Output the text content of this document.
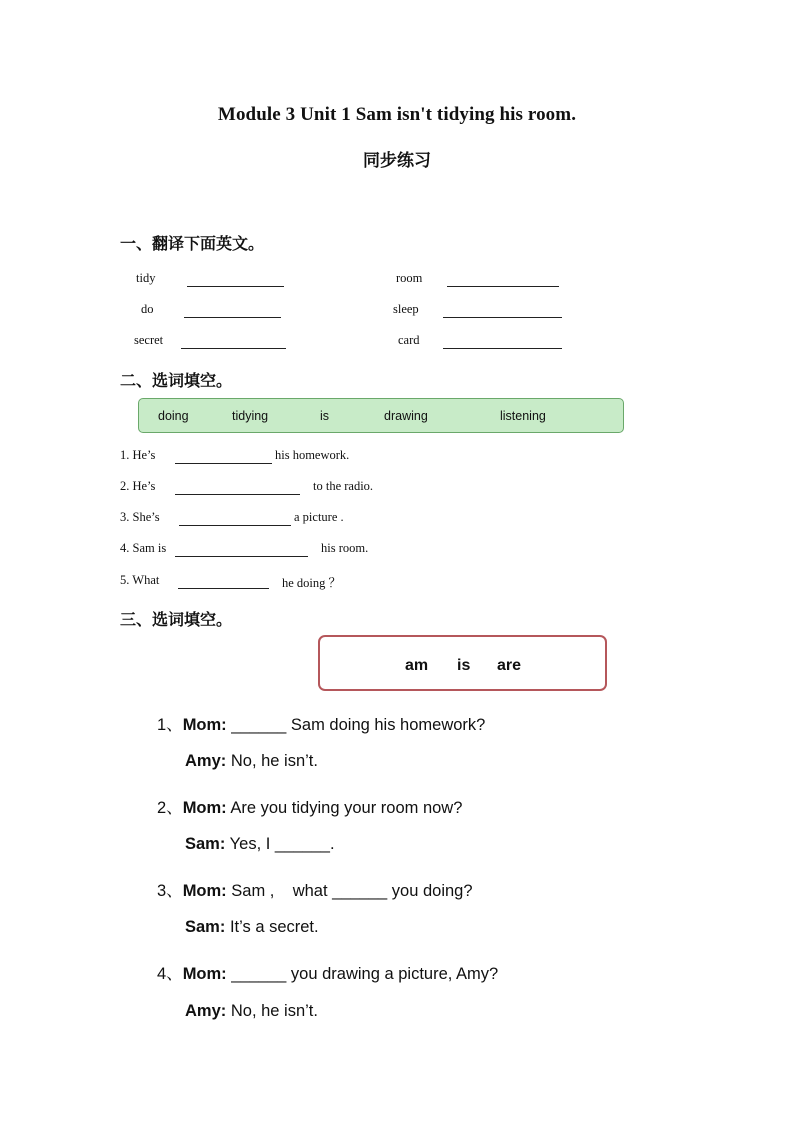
Module 3 Unit 1 Sam isn't tidying his room.
同步练习
一、翻译下面英文。
tidy	room
do	sleep
secret	card
二、选词填空。
doing	tidying	is	drawing	listening
1. He’s	his homework.
2. He’s	to the radio.
3. She’s	a picture .
4. Sam is	his room.
5. What	he doing ？
三、选词填空。
am is are
1、Mom: ______ Sam doing his homework?
Amy: No, he isn’t.
2、Mom: Are you tidying your room now?
Sam: Yes, I ______.
3、Mom: Sam ,    what ______ you doing?
Sam: It’s a secret.
4、Mom: ______ you drawing a picture, Amy?
Amy: No, he isn’t.
